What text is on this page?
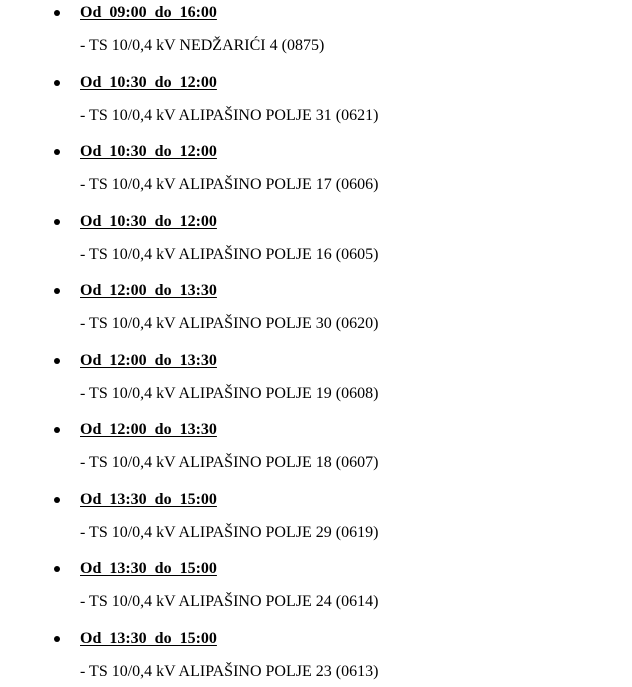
Od  09:00  do  16:00
- TS 10/0,4 kV NEDŽARIĆI 4 (0875)
Od  10:30  do  12:00
- TS 10/0,4 kV ALIPAŠINO POLJE 31 (0621)
Od  10:30  do  12:00
- TS 10/0,4 kV ALIPAŠINO POLJE 17 (0606)
Od  10:30  do  12:00
- TS 10/0,4 kV ALIPAŠINO POLJE 16 (0605)
Od  12:00  do  13:30
- TS 10/0,4 kV ALIPAŠINO POLJE 30 (0620)
Od  12:00  do  13:30
- TS 10/0,4 kV ALIPAŠINO POLJE 19 (0608)
Od  12:00  do  13:30
- TS 10/0,4 kV ALIPAŠINO POLJE 18 (0607)
Od  13:30  do  15:00
- TS 10/0,4 kV ALIPAŠINO POLJE 29 (0619)
Od  13:30  do  15:00
- TS 10/0,4 kV ALIPAŠINO POLJE 24 (0614)
Od  13:30  do  15:00
- TS 10/0,4 kV ALIPAŠINO POLJE 23 (0613)
